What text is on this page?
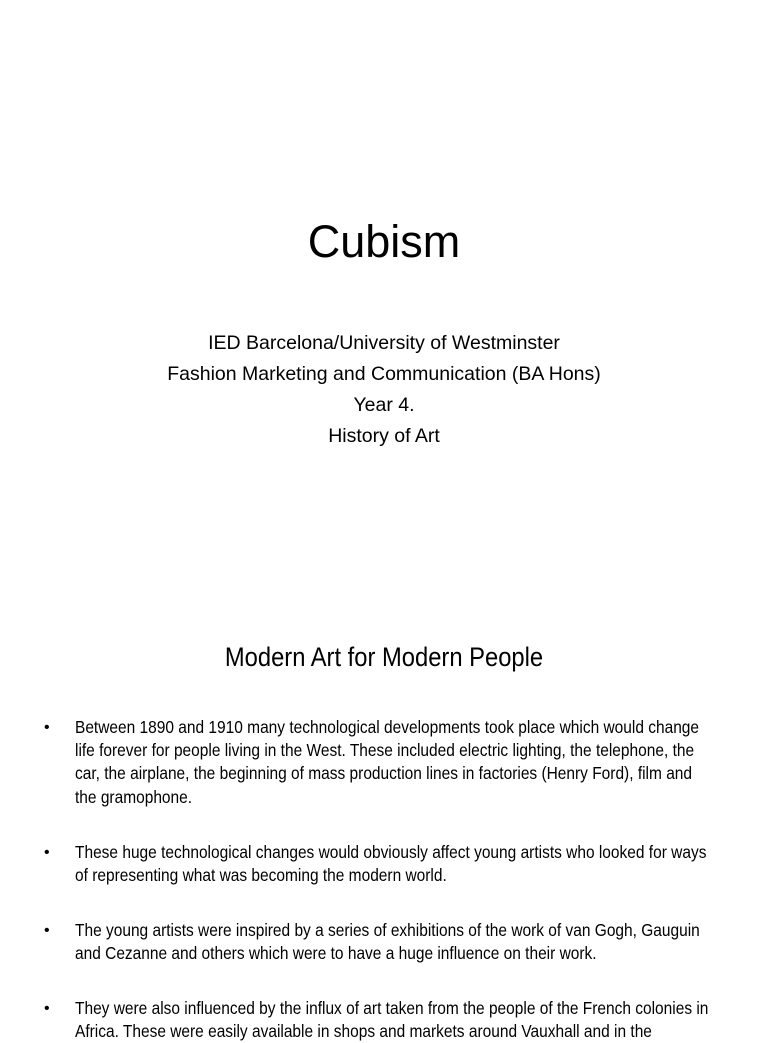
Cubism
IED Barcelona/University of Westminster
Fashion Marketing and Communication (BA Hons)
Year 4.
History of Art
Modern Art for Modern People
• Between 1890 and 1910 many technological developments took place which would change
life forever for people living in the West. These included electric lighting, the telephone, the
car, the airplane, the beginning of mass production lines in factories (Henry Ford), film and
the gramophone.
• These huge technological changes would obviously affect young artists who looked for ways
of representing what was becoming the modern world.
• The young artists were inspired by a series of exhibitions of the work of van Gogh, Gauguin
and Cezanne and others which were to have a huge influence on their work.
• They were also influenced by the influx of art taken from the people of the French colonies in
Africa. These were easily available in shops and markets around Vauxhall and in the
